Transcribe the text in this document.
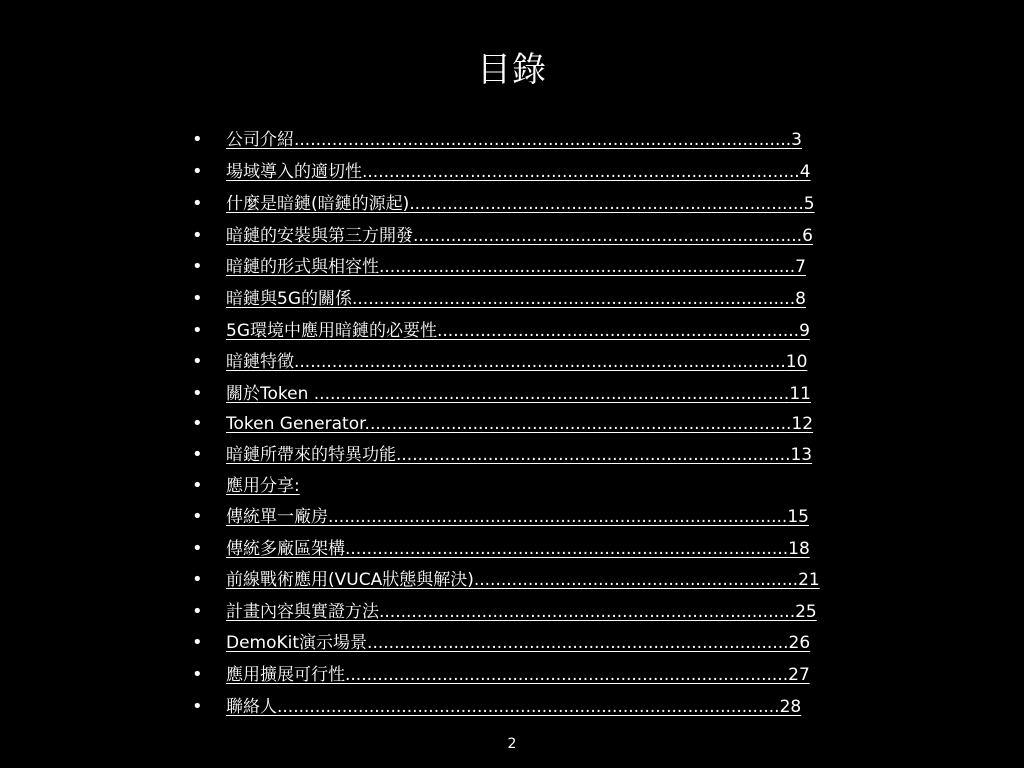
目錄
• 公司介紹............................................................................................3
• 場域導入的適切性.................................................................................4
• 什麼是暗鏈(暗鏈的源起).........................................................................5
• 暗鏈的安裝與第三方開發........................................................................6
• 暗鏈的形式與相容性.............................................................................7
• 暗鏈與5G的關係..................................................................................8
• 5G環境中應用暗鏈的必要性...................................................................9
• 暗鏈特徵...........................................................................................10
• 關於Token ........................................................................................11
• Token Generator...............................................................................12
• 暗鏈所帶來的特異功能.........................................................................13
• 應用分享:
• 傳統單一廠房.....................................................................................15
• 傳統多廠區架構..................................................................................18
• 前線戰術應用(VUCA狀態與解決)............................................................21
• 計畫內容與實證方法.............................................................................25
• DemoKit演示場景..............................................................................26
• 應用擴展可行性..................................................................................27
• 聯絡人.............................................................................................28
2
